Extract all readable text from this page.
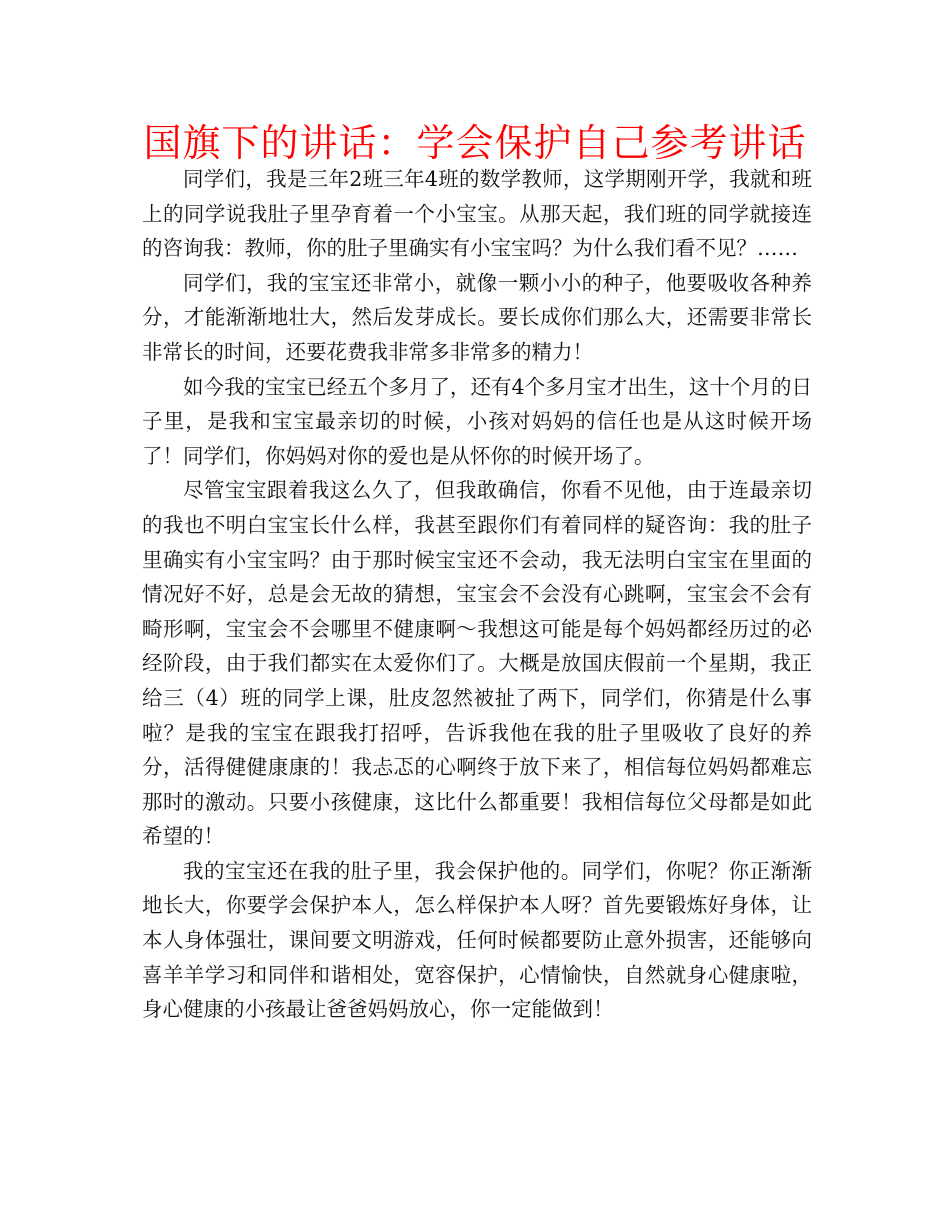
国旗下的讲话：学会保护自己参考讲话

同学们，我是三年2班三年4班的数学教师，这学期刚开学，我就和班上的同学说我肚子里孕育着一个小宝宝。从那天起，我们班的同学就接连的咨询我：教师，你的肚子里确实有小宝宝吗？为什么我们看不见？……

同学们，我的宝宝还非常小，就像一颗小小的种子，他要吸收各种养分，才能渐渐地壮大，然后发芽成长。要长成你们那么大，还需要非常长非常长的时间，还要花费我非常多非常多的精力！

如今我的宝宝已经五个多月了，还有4个多月宝才出生，这十个月的日子里，是我和宝宝最亲切的时候，小孩对妈妈的信任也是从这时候开场了！同学们，你妈妈对你的爱也是从怀你的时候开场了。

尽管宝宝跟着我这么久了，但我敢确信，你看不见他，由于连最亲切的我也不明白宝宝长什么样，我甚至跟你们有着同样的疑咨询：我的肚子里确实有小宝宝吗？由于那时候宝宝还不会动，我无法明白宝宝在里面的情况好不好，总是会无故的猜想，宝宝会不会没有心跳啊，宝宝会不会有畸形啊，宝宝会不会哪里不健康啊～我想这可能是每个妈妈都经历过的必经阶段，由于我们都实在太爱你们了。大概是放国庆假前一个星期，我正给三（4）班的同学上课，肚皮忽然被扯了两下，同学们，你猜是什么事啦？是我的宝宝在跟我打招呼，告诉我他在我的肚子里吸收了良好的养分，活得健健康康的！我忐忑的心啊终于放下来了，相信每位妈妈都难忘那时的激动。只要小孩健康，这比什么都重要！我相信每位父母都是如此希望的！

我的宝宝还在我的肚子里，我会保护他的。同学们，你呢？你正渐渐地长大，你要学会保护本人，怎么样保护本人呀？首先要锻炼好身体，让本人身体强壮，课间要文明游戏，任何时候都要防止意外损害，还能够向喜羊羊学习和同伴和谐相处，宽容保护，心情愉快，自然就身心健康啦，身心健康的小孩最让爸爸妈妈放心，你一定能做到！
